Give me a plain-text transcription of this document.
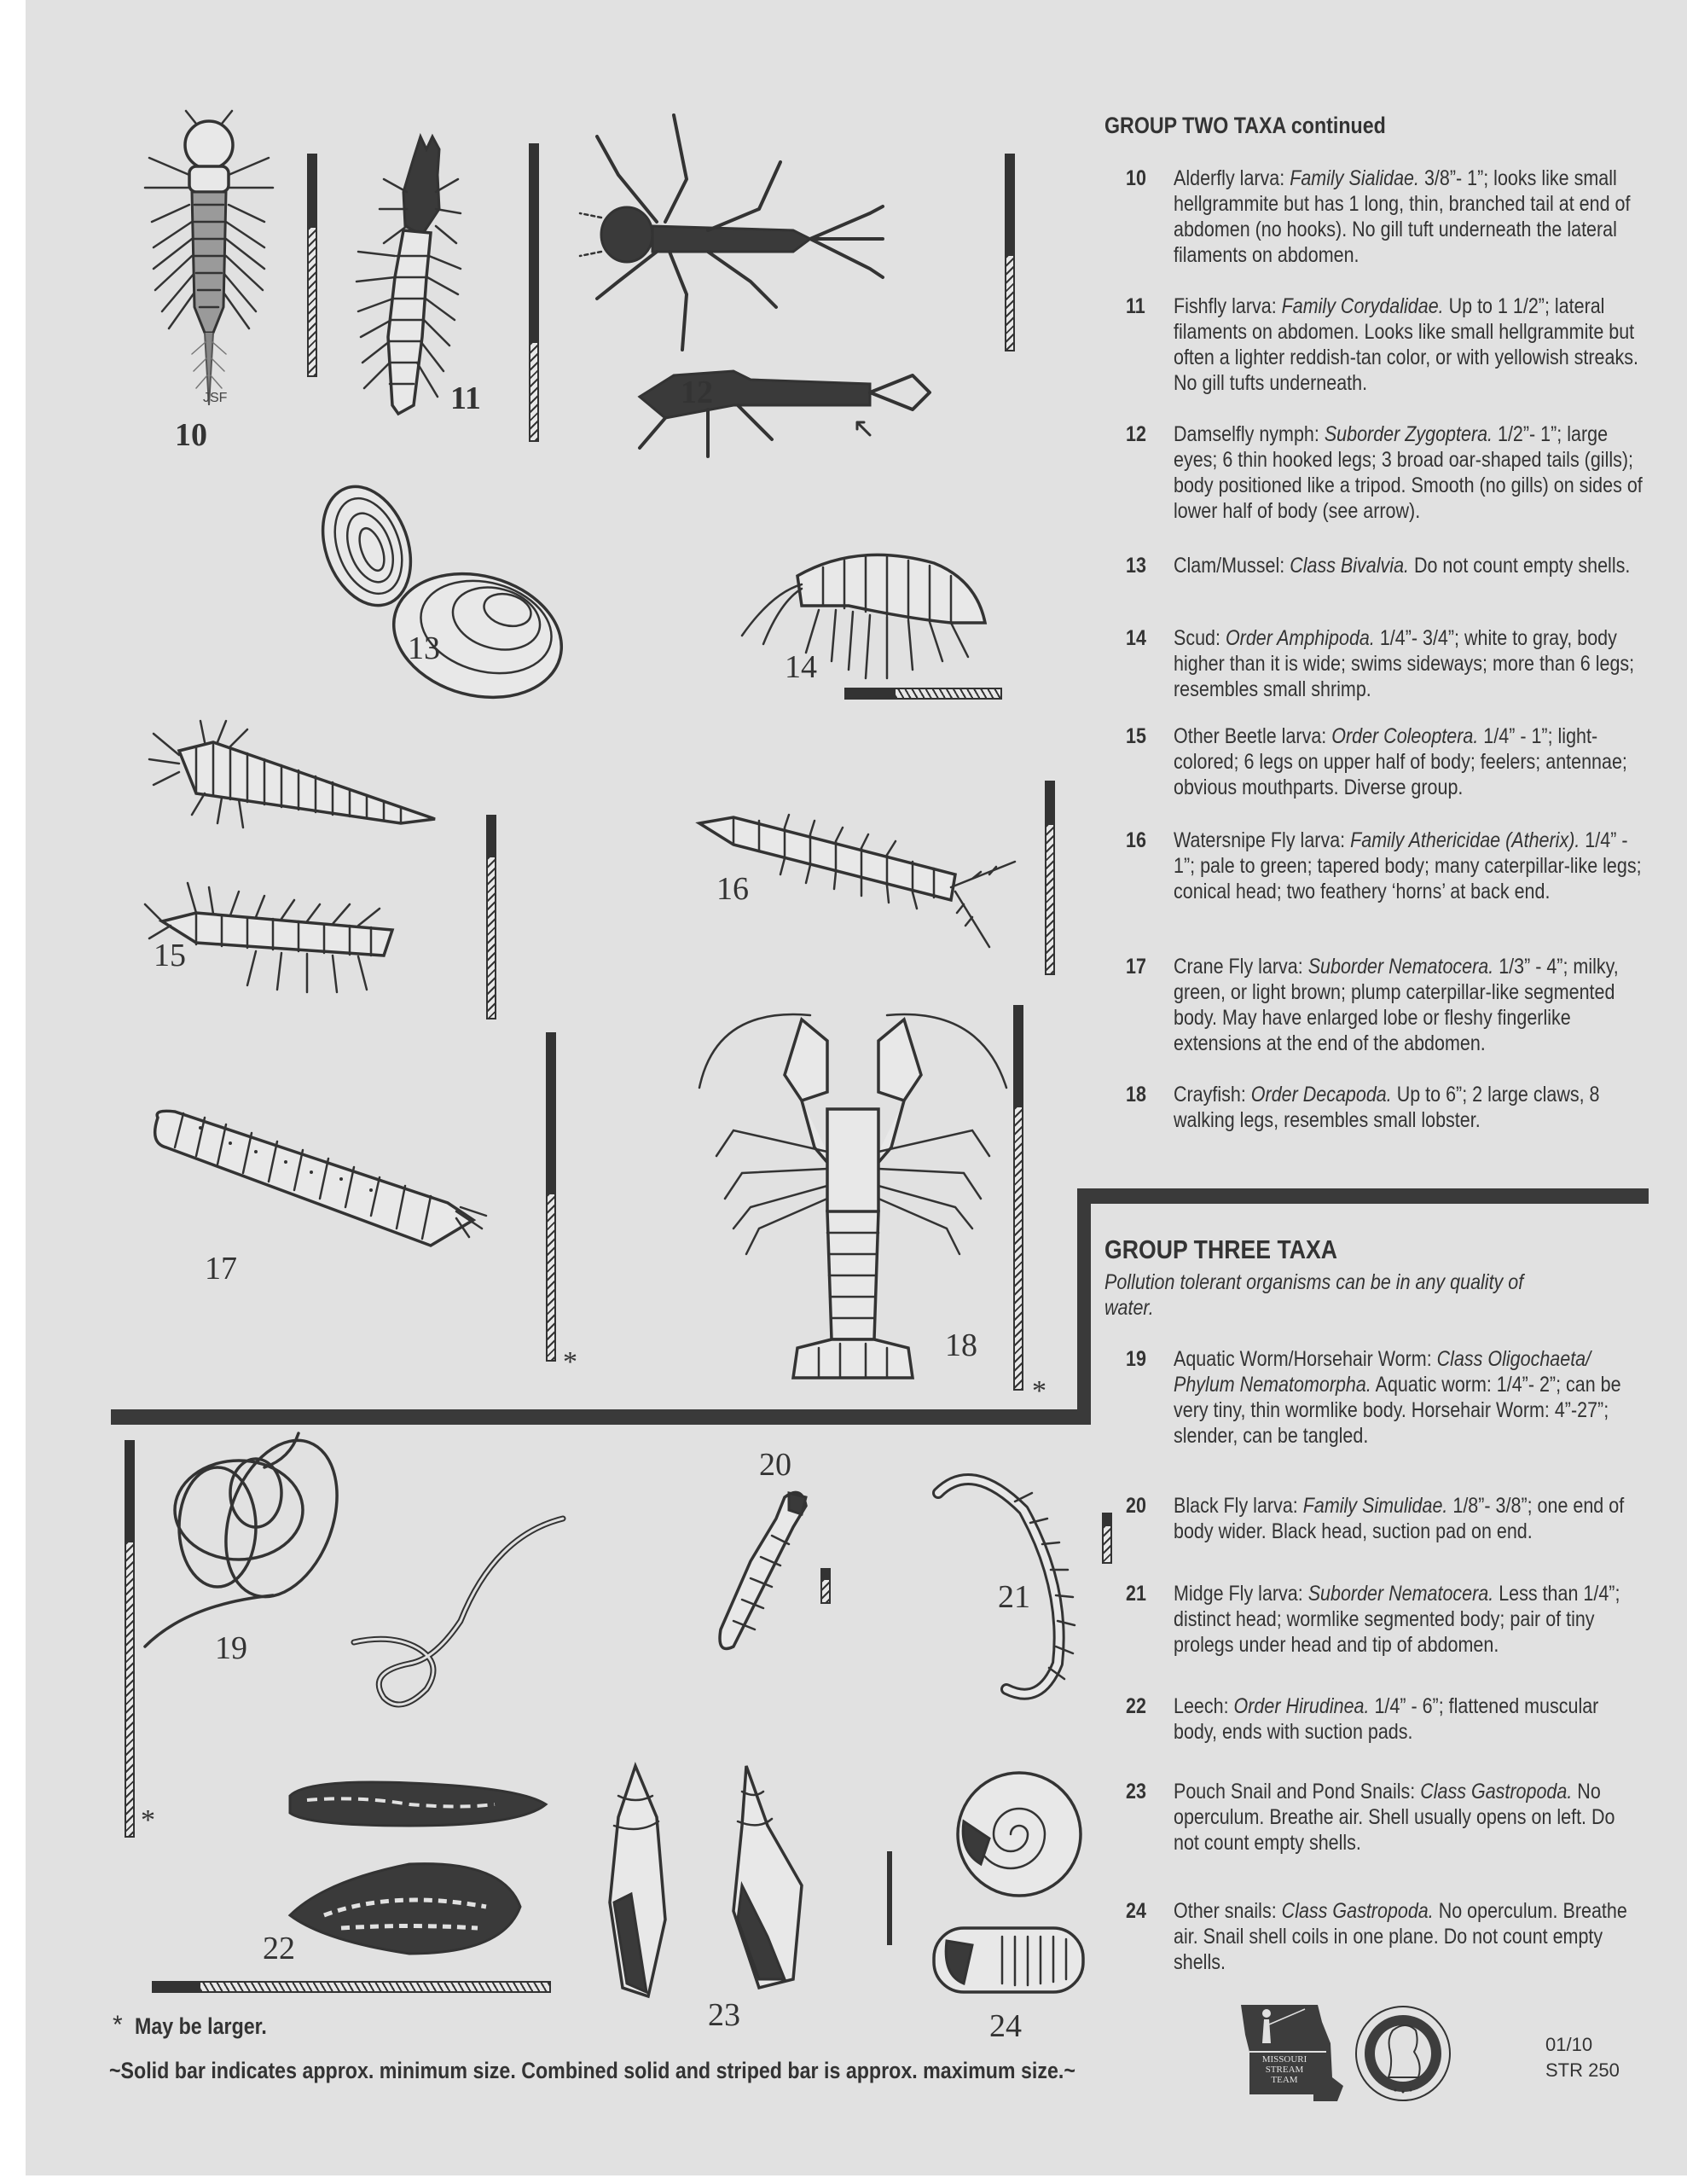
GROUP TWO TAXA continued
10	Alderfly larva: Family Sialidae. 3/8”- 1”; looks like small hellgrammite but has 1 long, thin, branched tail at end of abdomen (no hooks). No gill tuft underneath the lateral filaments on abdomen.
11	Fishfly larva: Family Corydalidae. Up to 1 1/2”; lateral filaments on abdomen. Looks like small hellgrammite but often a lighter reddish-tan color, or with yellowish streaks. No gill tufts underneath.
12	Damselfly nymph: Suborder Zygoptera. 1/2”- 1”; large eyes; 6 thin hooked legs; 3 broad oar-shaped tails (gills); body positioned like a tripod. Smooth (no gills) on sides of lower half of body (see arrow).
13	Clam/Mussel: Class Bivalvia. Do not count empty shells.
14	Scud: Order Amphipoda. 1/4”- 3/4”; white to gray, body higher than it is wide; swims sideways; more than 6 legs; resembles small shrimp.
15	Other Beetle larva: Order Coleoptera. 1/4” - 1”; light-colored; 6 legs on upper half of body; feelers; antennae; obvious mouthparts. Diverse group.
16	Watersnipe Fly larva: Family Athericidae (Atherix). 1/4” - 1”; pale to green; tapered body; many caterpillar-like legs; conical head; two feathery ‘horns’ at back end.
17	Crane Fly larva: Suborder Nematocera. 1/3” - 4”; milky, green, or light brown; plump caterpillar-like segmented body. May have enlarged lobe or fleshy fingerlike extensions at the end of the abdomen.
18	Crayfish: Order Decapoda. Up to 6”; 2 large claws, 8 walking legs, resembles small lobster.
GROUP THREE TAXA
Pollution tolerant organisms can be in any quality of water.
19	Aquatic Worm/Horsehair Worm: Class Oligochaeta/ Phylum Nematomorpha. Aquatic worm: 1/4”- 2”; can be very tiny, thin wormlike body. Horsehair Worm: 4”-27”; slender, can be tangled.
20	Black Fly larva: Family Simulidae. 1/8”- 3/8”; one end of body wider. Black head, suction pad on end.
21	Midge Fly larva: Suborder Nematocera. Less than 1/4”; distinct head; wormlike segmented body; pair of tiny prolegs under head and tip of abdomen.
22	Leech: Order Hirudinea. 1/4” - 6”; flattened muscular body, ends with suction pads.
23	Pouch Snail and Pond Snails: Class Gastropoda. No operculum. Breathe air. Shell usually opens on left. Do not count empty shells.
24	Other snails: Class Gastropoda. No operculum. Breathe air. Snail shell coils in one plane. Do not count empty shells.
JSF
10
11	12
13
14
15
16
17
*	18
*
*
19
20
21
22
23	24
* May be larger.
~Solid bar indicates approx. minimum size. Combined solid and striped bar is approx. maximum size.~	MISSOURI
STREAM
TEAM
01/10
STR 250
